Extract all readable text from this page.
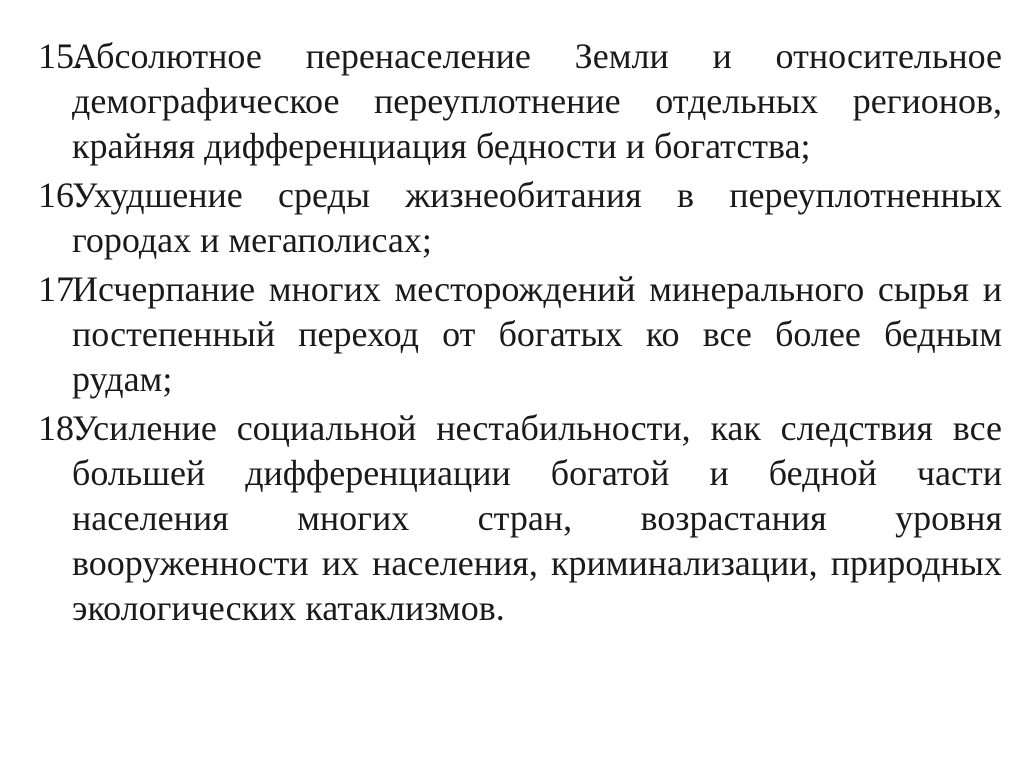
15.
Абсолютное перенаселение Земли и относительное демографическое переуплотнение отдельных регионов, крайняя дифференциация бедности и богатства;
16.
Ухудшение среды жизнеобитания в переуплотненных городах и мегаполисах;
17.
Исчерпание многих месторождений минерального сырья и постепенный переход от богатых ко все более бедным рудам;
18.
Усиление социальной нестабильности, как следствия все большей дифференциации богатой и бедной части населения многих стран, возрастания уровня вооруженности их населения, криминализации, природных экологических катаклизмов.
